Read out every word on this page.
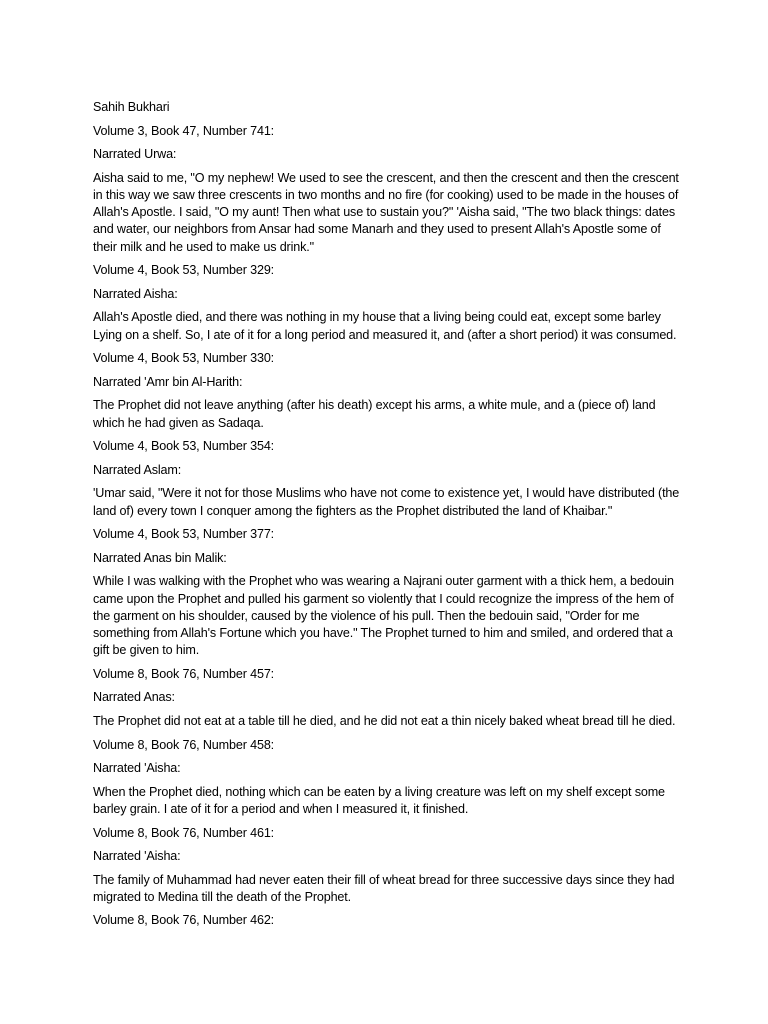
Sahih Bukhari

Volume 3, Book 47, Number 741:

Narrated Urwa:

Aisha said to me, "O my nephew! We used to see the crescent, and then the crescent and then the crescent in this way we saw three crescents in two months and no fire (for cooking) used to be made in the houses of Allah's Apostle. I said, "O my aunt! Then what use to sustain you?" 'Aisha said, "The two black things: dates and water, our neighbors from Ansar had some Manarh and they used to present Allah's Apostle some of their milk and he used to make us drink."

Volume 4, Book 53, Number 329:

Narrated Aisha:

Allah's Apostle died, and there was nothing in my house that a living being could eat, except some barley Lying on a shelf. So, I ate of it for a long period and measured it, and (after a short period) it was consumed.

Volume 4, Book 53, Number 330:

Narrated 'Amr bin Al-Harith:

The Prophet did not leave anything (after his death) except his arms, a white mule, and a (piece of) land which he had given as Sadaqa.

Volume 4, Book 53, Number 354:

Narrated Aslam:

'Umar said, "Were it not for those Muslims who have not come to existence yet, I would have distributed (the land of) every town I conquer among the fighters as the Prophet distributed the land of Khaibar."

Volume 4, Book 53, Number 377:

Narrated Anas bin Malik:

While I was walking with the Prophet who was wearing a Najrani outer garment with a thick hem, a bedouin came upon the Prophet and pulled his garment so violently that I could recognize the impress of the hem of the garment on his shoulder, caused by the violence of his pull. Then the bedouin said, "Order for me something from Allah's Fortune which you have." The Prophet turned to him and smiled, and ordered that a gift be given to him.

Volume 8, Book 76, Number 457:

Narrated Anas:

The Prophet did not eat at a table till he died, and he did not eat a thin nicely baked wheat bread till he died.

Volume 8, Book 76, Number 458:

Narrated 'Aisha:

When the Prophet died, nothing which can be eaten by a living creature was left on my shelf except some barley grain. I ate of it for a period and when I measured it, it finished.

Volume 8, Book 76, Number 461:

Narrated 'Aisha:

The family of Muhammad had never eaten their fill of wheat bread for three successive days since they had migrated to Medina till the death of the Prophet.

Volume 8, Book 76, Number 462:
